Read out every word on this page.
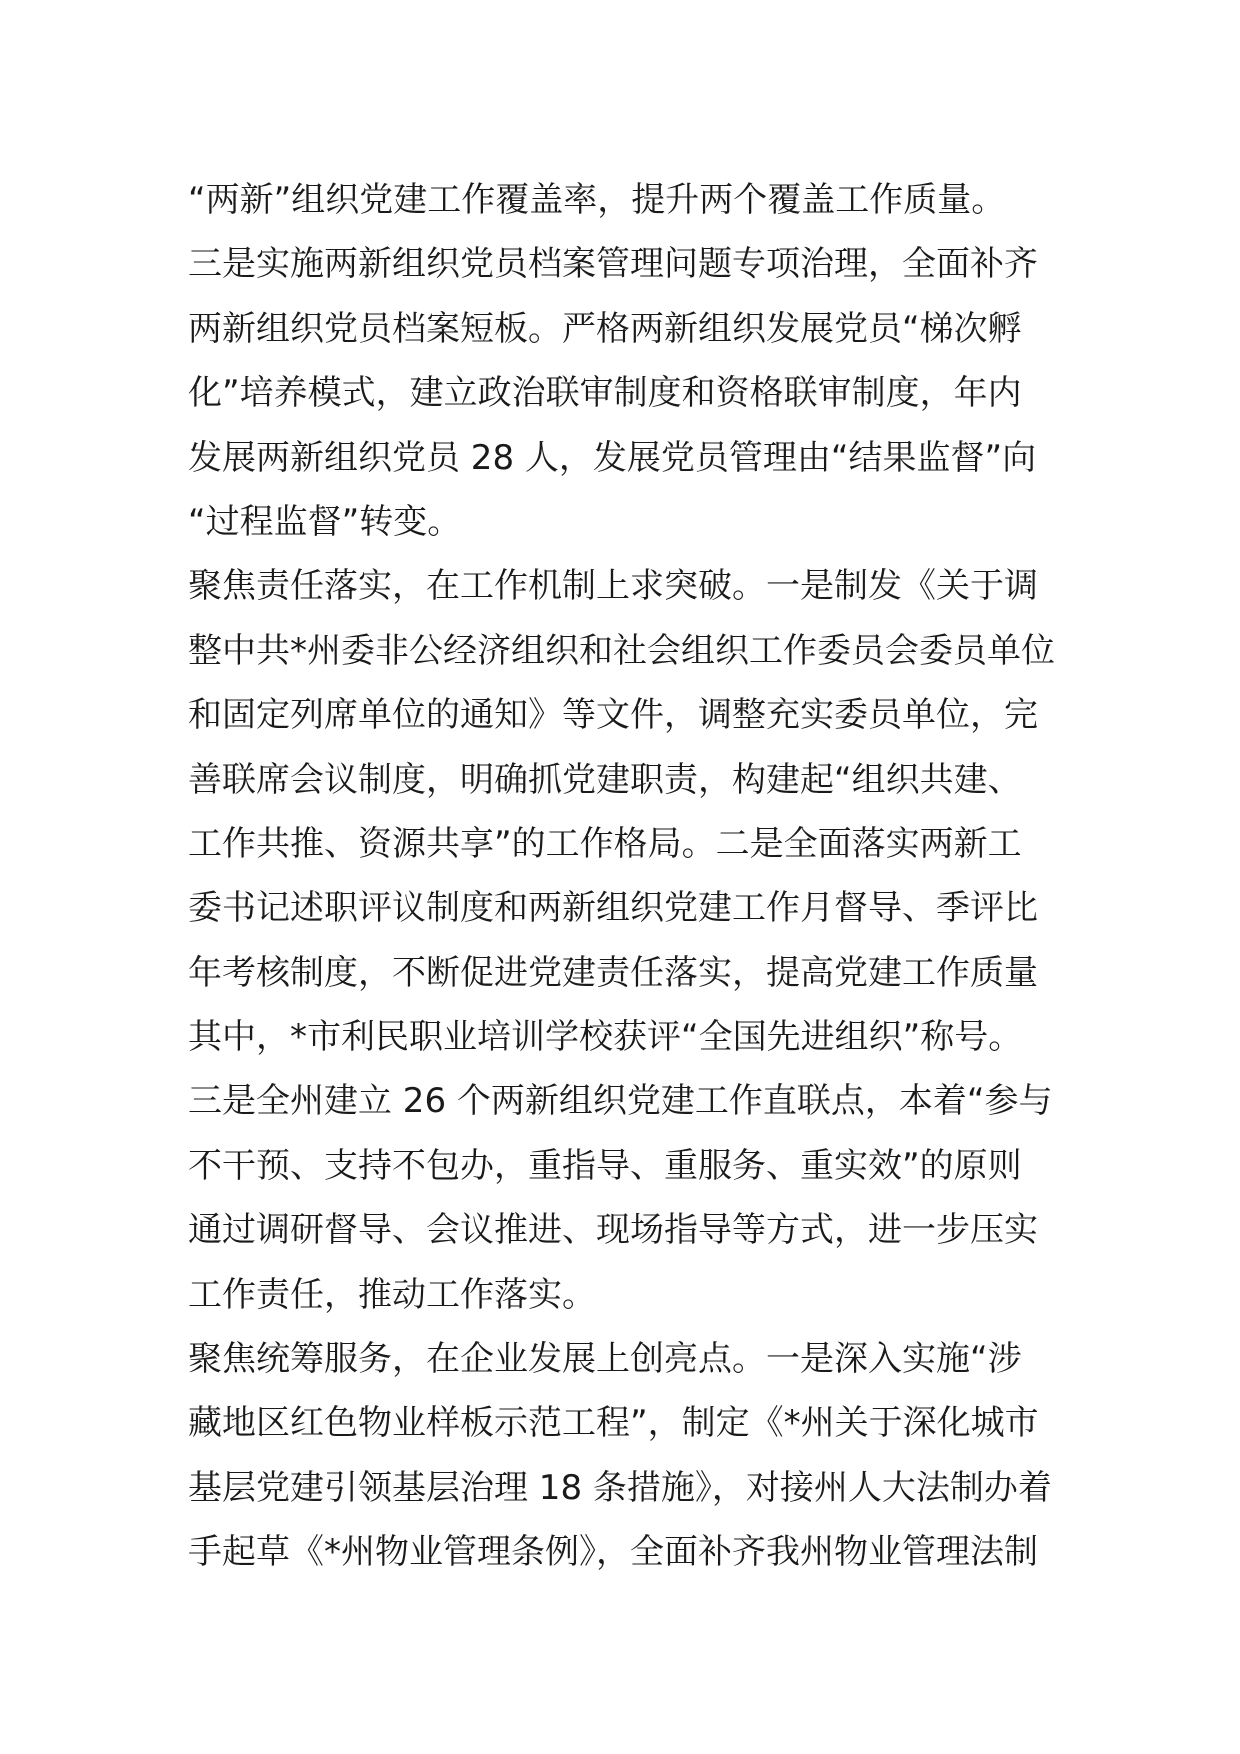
“两新”组织党建工作覆盖率，提升两个覆盖工作质量。
三是实施两新组织党员档案管理问题专项治理，全面补齐
两新组织党员档案短板。严格两新组织发展党员“梯次孵
化”培养模式，建立政治联审制度和资格联审制度，年内
发展两新组织党员 28 人，发展党员管理由“结果监督”向
“过程监督”转变。
聚焦责任落实，在工作机制上求突破。一是制发《关于调
整中共*州委非公经济组织和社会组织工作委员会委员单位
和固定列席单位的通知》等文件，调整充实委员单位，完
善联席会议制度，明确抓党建职责，构建起“组织共建、
工作共推、资源共享”的工作格局。二是全面落实两新工
委书记述职评议制度和两新组织党建工作月督导、季评比
年考核制度，不断促进党建责任落实，提高党建工作质量
其中，*市利民职业培训学校获评“全国先进组织”称号。
三是全州建立 26 个两新组织党建工作直联点，本着“参与
不干预、支持不包办，重指导、重服务、重实效”的原则
通过调研督导、会议推进、现场指导等方式，进一步压实
工作责任，推动工作落实。
聚焦统筹服务，在企业发展上创亮点。一是深入实施“涉
藏地区红色物业样板示范工程”，制定《*州关于深化城市
基层党建引领基层治理 18 条措施》，对接州人大法制办着
手起草《*州物业管理条例》，全面补齐我州物业管理法制
